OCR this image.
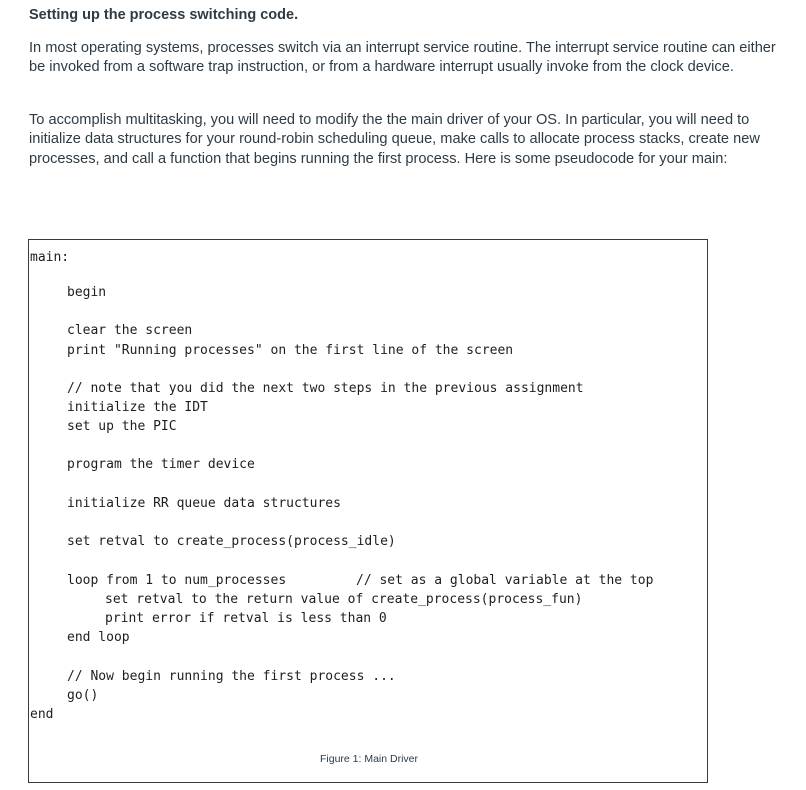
Setting up the process switching code.

In most operating systems, processes switch via an interrupt service routine. The interrupt service routine can either be invoked from a software trap instruction, or from a hardware interrupt usually invoke from the clock device.

To accomplish multitasking, you will need to modify the the main driver of your OS. In particular, you will need to initialize data structures for your round-robin scheduling queue, make calls to allocate process stacks, create new processes, and call a function that begins running the first process. Here is some pseudocode for your main:

main:
begin
clear the screen
print "Running processes" on the first line of the screen
// note that you did the next two steps in the previous assignment
initialize the IDT
set up the PIC
program the timer device
initialize RR queue data structures
set retval to create_process(process_idle)
loop from 1 to num_processes	// set as a global variable at the top
set retval to the return value of create_process(process_fun)
print error if retval is less than 0
end loop
// Now begin running the first process ...
go()
end
Figure 1: Main Driver
